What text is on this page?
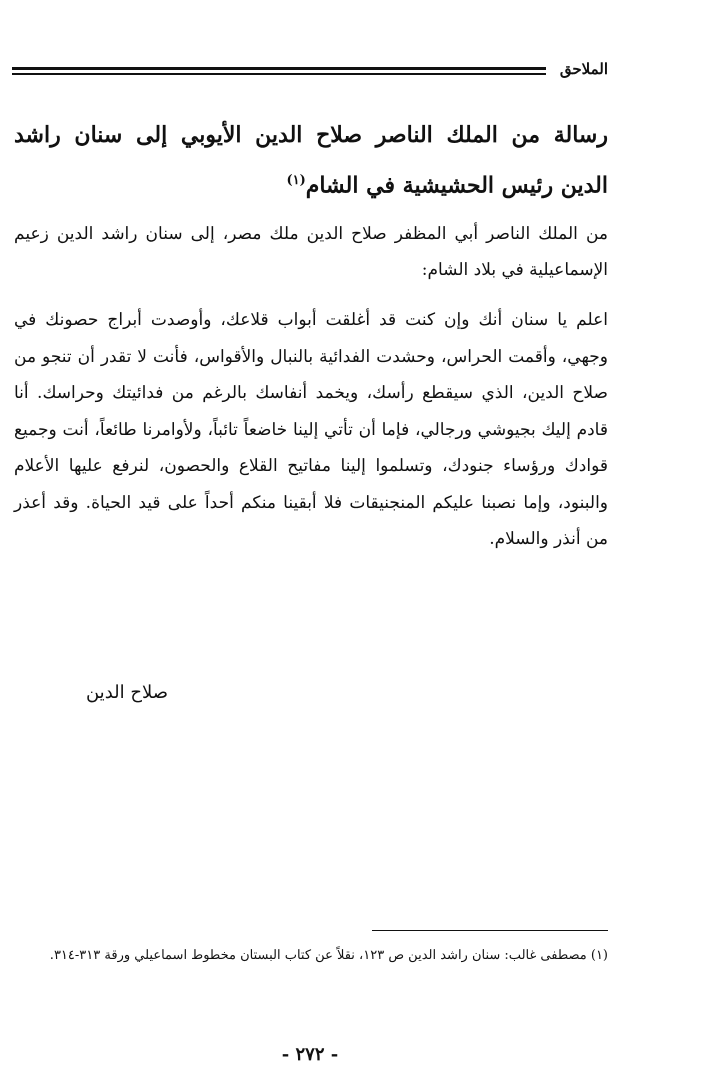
الملاحق
رسالة من الملك الناصر صلاح الدين الأيوبي إلى سنان راشد الدين رئيس الحشيشية في الشام$^{(١)}$
من الملك الناصر أبي المظفر صلاح الدين ملك مصر، إلى سنان راشد الدين زعيم الإسماعيلية في بلاد الشام:
اعلم يا سنان أنك وإن كنت قد أغلقت أبواب قلاعك، وأوصدت أبراج حصونك في وجهي، وأقمت الحراس، وحشدت الفدائية بالنبال والأقواس، فأنت لا تقدر أن تنجو من صلاح الدين، الذي سيقطع رأسك، ويخمد أنفاسك بالرغم من فدائيتك وحراسك. أنا قادم إليك بجيوشي ورجالي، فإما أن تأتي إلينا خاضعاً تائباً، ولأوامرنا طائعاً، أنت وجميع قوادك ورؤساء جنودك، وتسلموا إلينا مفاتيح القلاع والحصون، لنرفع عليها الأعلام والبنود، وإما نصبنا عليكم المنجنيقات فلا أبقينا منكم أحداً على قيد الحياة. وقد أعذر من أنذر والسلام.
صلاح الدين
(١) مصطفى غالب: سنان راشد الدين ص ١٢٣، نقلاً عن كتاب البستان مخطوط اسماعيلي ورقة ٣١٣-٣١٤.
- ٢٧٢ -
